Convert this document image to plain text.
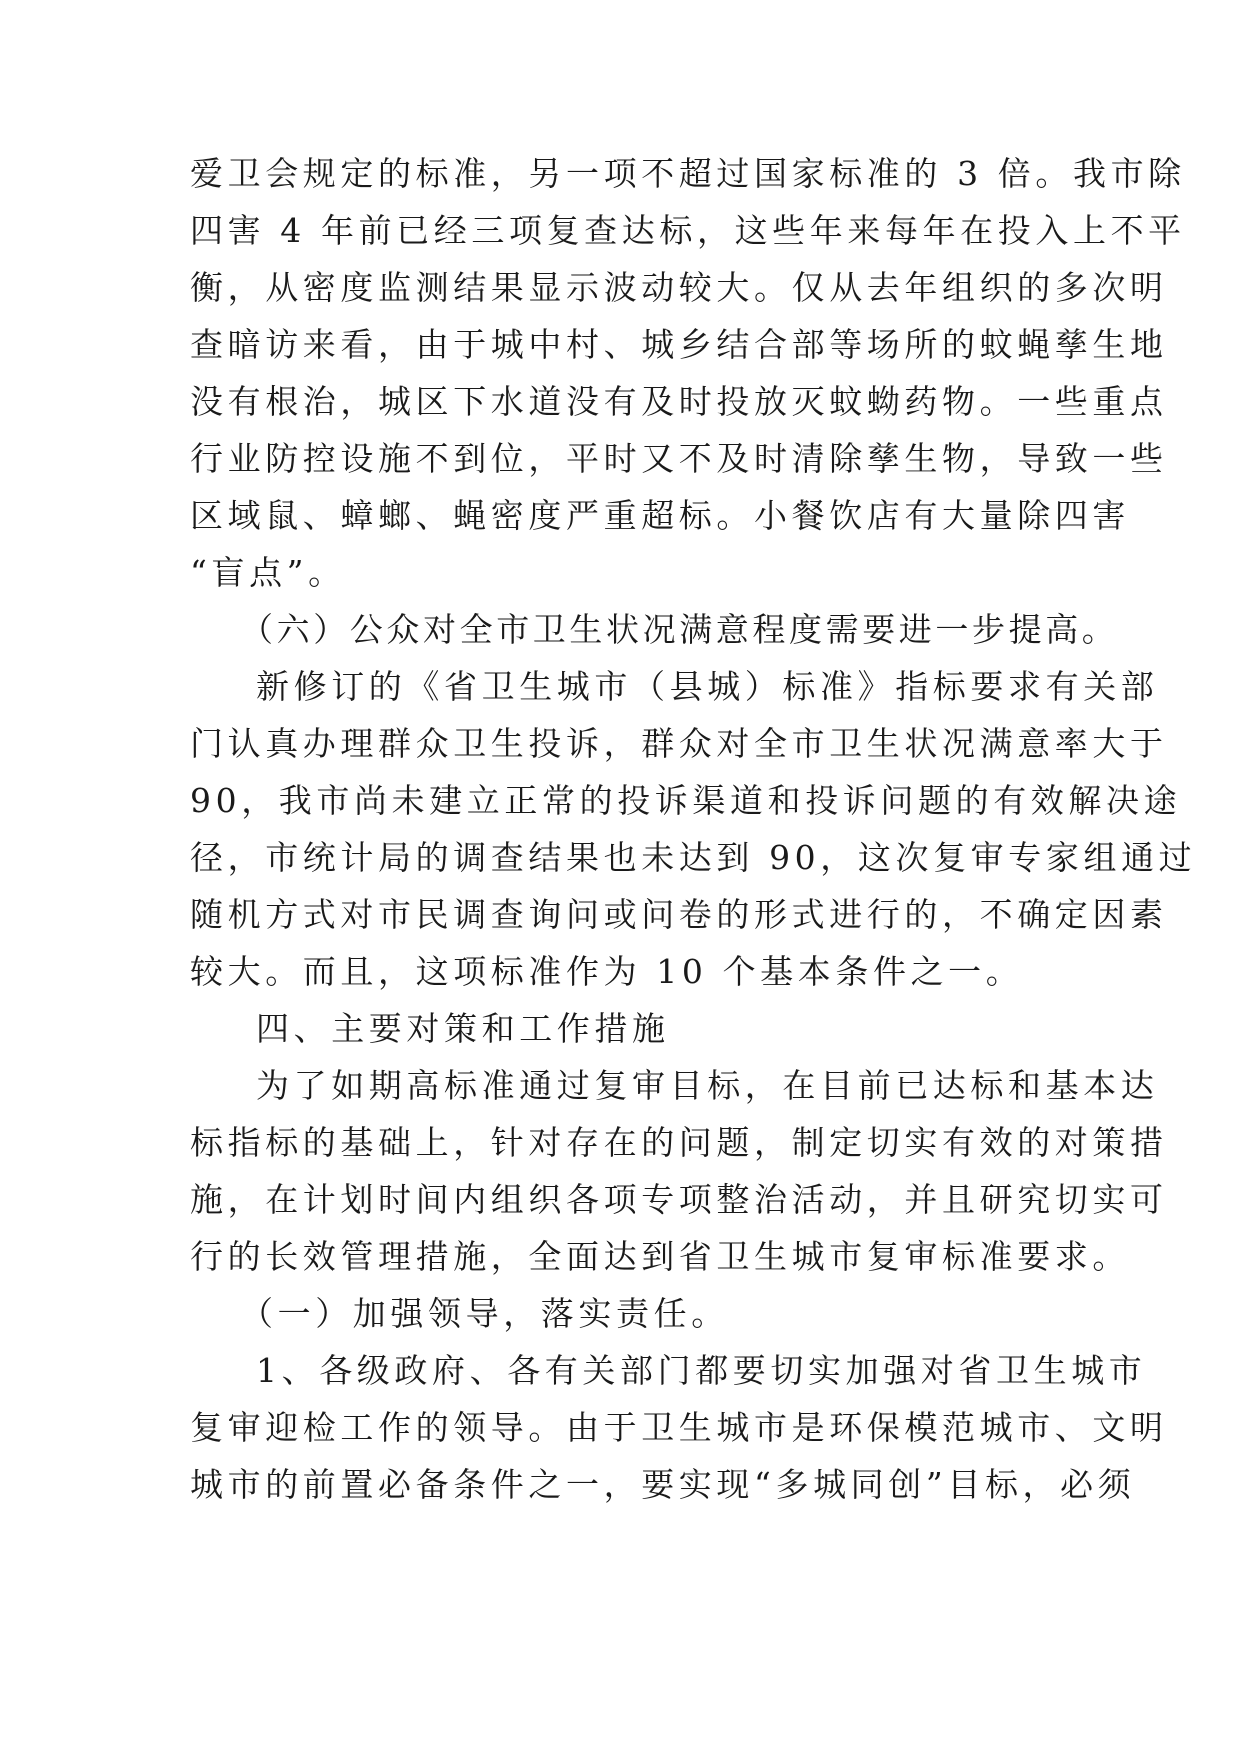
爱卫会规定的标准，另一项不超过国家标准的 3 倍。我市除
四害 4 年前已经三项复查达标，这些年来每年在投入上不平
衡，从密度监测结果显示波动较大。仅从去年组织的多次明
查暗访来看，由于城中村、城乡结合部等场所的蚊蝇孳生地
没有根治，城区下水道没有及时投放灭蚊蚴药物。一些重点
行业防控设施不到位，平时又不及时清除孳生物，导致一些
区域鼠、蟑螂、蝇密度严重超标。小餐饮店有大量除四害
“盲点”。
（六）公众对全市卫生状况满意程度需要进一步提高。
新修订的《省卫生城市（县城）标准》指标要求有关部
门认真办理群众卫生投诉，群众对全市卫生状况满意率大于
90，我市尚未建立正常的投诉渠道和投诉问题的有效解决途
径，市统计局的调查结果也未达到 90，这次复审专家组通过
随机方式对市民调查询问或问卷的形式进行的，不确定因素
较大。而且，这项标准作为 10 个基本条件之一。
四、主要对策和工作措施
为了如期高标准通过复审目标，在目前已达标和基本达
标指标的基础上，针对存在的问题，制定切实有效的对策措
施，在计划时间内组织各项专项整治活动，并且研究切实可
行的长效管理措施，全面达到省卫生城市复审标准要求。
（一）加强领导，落实责任。
1、各级政府、各有关部门都要切实加强对省卫生城市
复审迎检工作的领导。由于卫生城市是环保模范城市、文明
城市的前置必备条件之一，要实现“多城同创”目标，必须
